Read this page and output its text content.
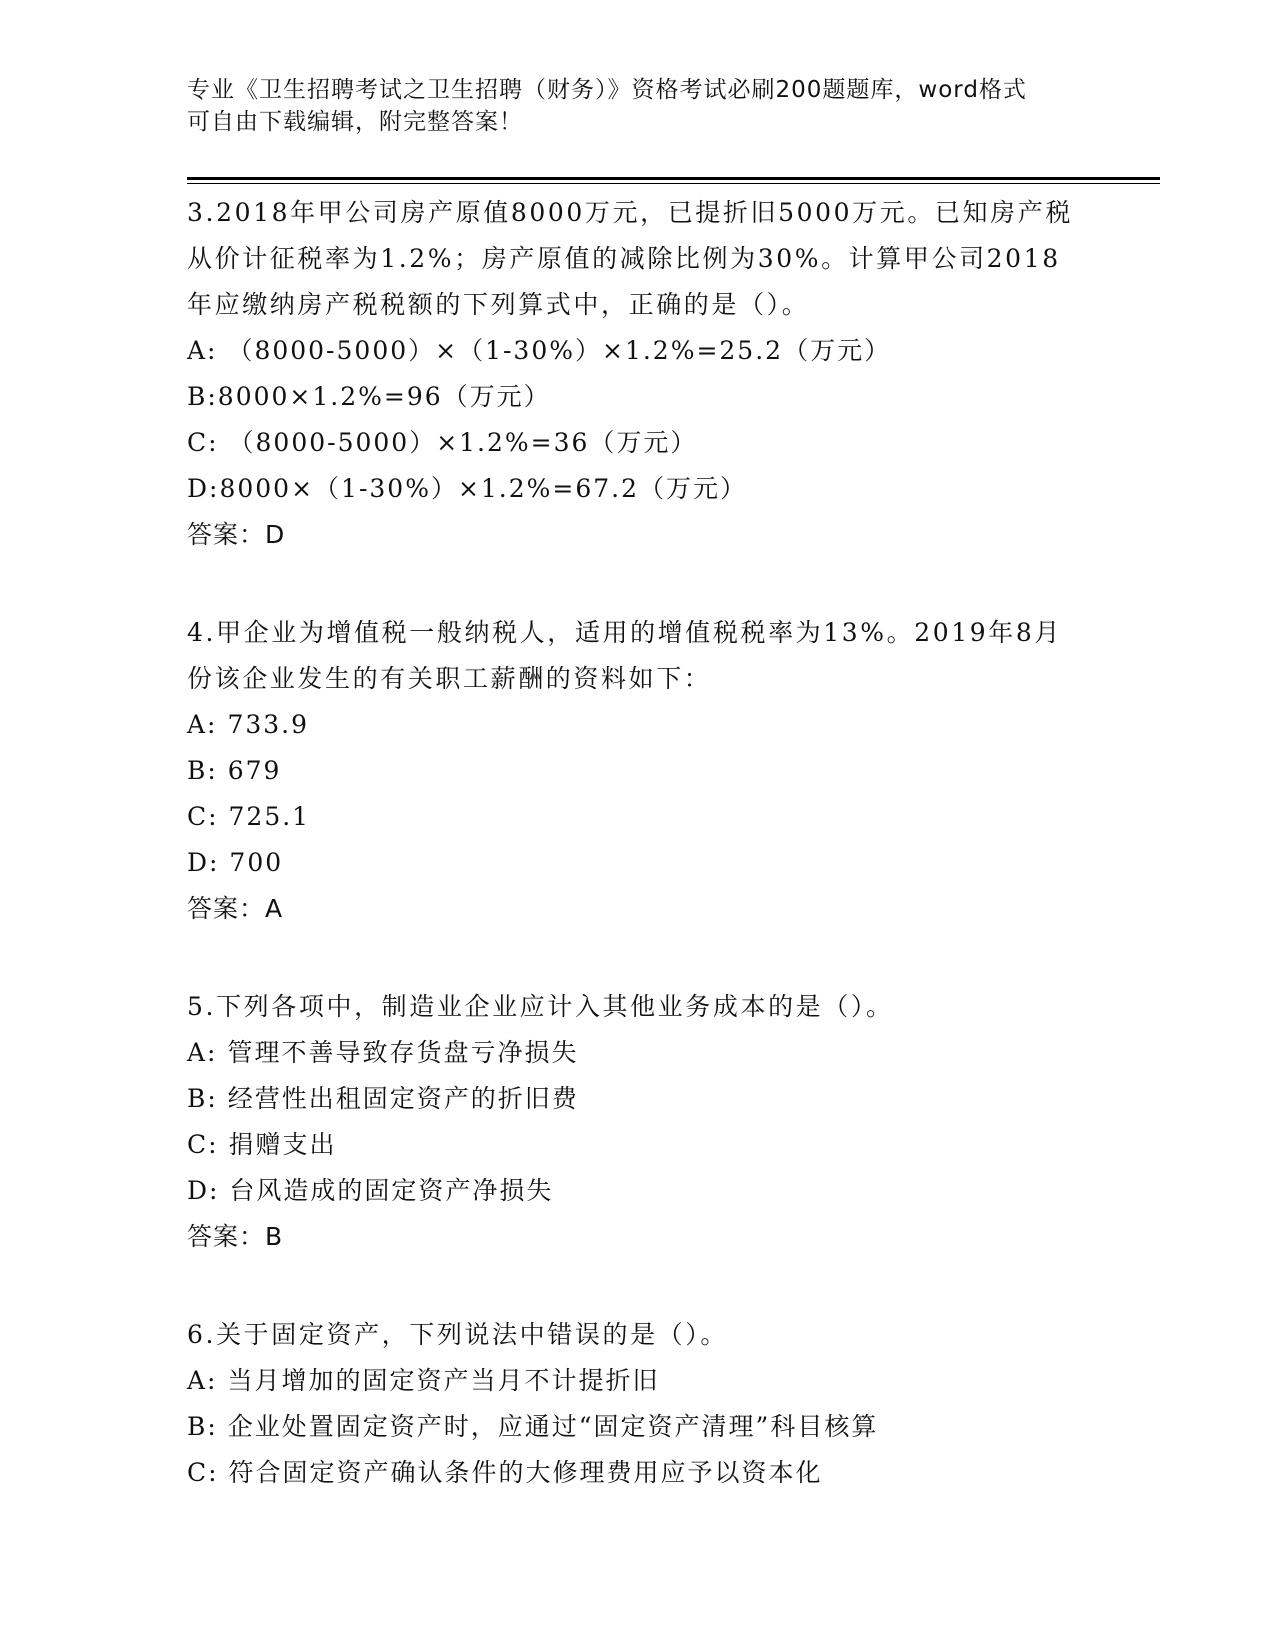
专业《卫生招聘考试之卫生招聘（财务）》资格考试必刷200题题库，word格式
可自由下载编辑，附完整答案！

3.2018年甲公司房产原值8000万元，已提折旧5000万元。已知房产税从价计征税率为1.2%；房产原值的减除比例为30%。计算甲公司2018年应缴纳房产税税额的下列算式中，正确的是（）。

A: （8000-5000）×（1-30%）×1.2%=25.2（万元）

B:8000×1.2%=96（万元）

C: （8000-5000）×1.2%=36（万元）

D:8000×（1-30%）×1.2%=67.2（万元）

答案：D

4.甲企业为增值税一般纳税人，适用的增值税税率为13%。2019年8月份该企业发生的有关职工薪酬的资料如下：

A: 733.9

B: 679

C: 725.1

D: 700

答案：A

5.下列各项中，制造业企业应计入其他业务成本的是（）。

A: 管理不善导致存货盘亏净损失

B: 经营性出租固定资产的折旧费

C: 捐赠支出

D: 台风造成的固定资产净损失

答案：B

6.关于固定资产，下列说法中错误的是（）。

A: 当月增加的固定资产当月不计提折旧

B: 企业处置固定资产时，应通过“固定资产清理”科目核算

C: 符合固定资产确认条件的大修理费用应予以资本化
